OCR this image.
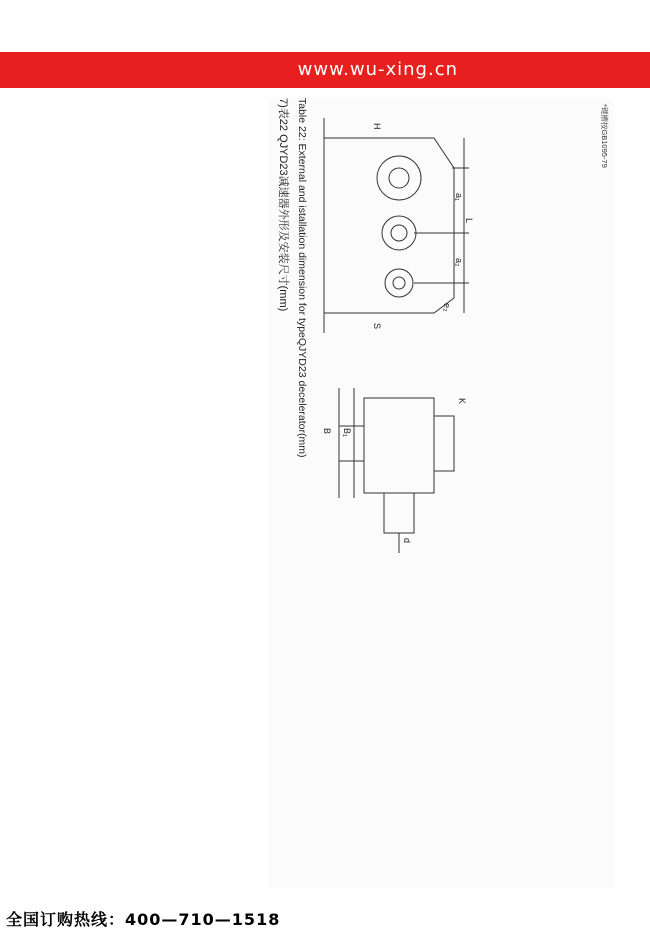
www.wu-xing.cn
7)表22 QJYD23减速器外形及安装尺寸(mm) Table 22: External and istallation dimension for typeQJYD23 decelerator(mm)	L
a₁
a₂
e₂
H
S
B B₁
K
d
*键槽按GB1095-79
全国订购热线：400—710—1518
